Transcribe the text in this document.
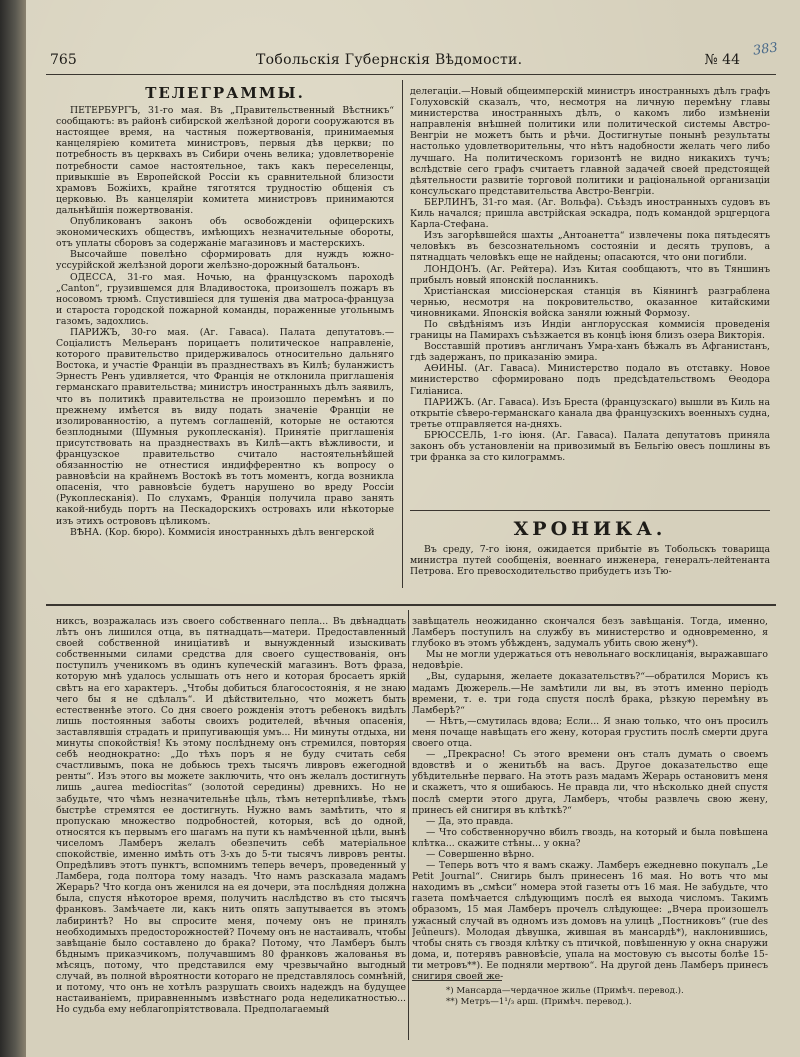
765	Тобольскія Губернскія Вѣдомости.	№ 44
383
ТЕЛЕГРАММЫ.

ПЕТЕРБУРГЪ, 31-го мая. Въ „Правительственный Вѣстникъ“ сообщаютъ: въ районѣ сибирской желѣзной дороги сооружаются въ настоящее время, на частныя пожертвованія, принимаемыя канцеляріею комитета министровъ, первыя дѣв церкви; по потребность въ церквахъ въ Сибири очень велика; удовлетвореніе потребности самое настоятельное, такъ какъ переселенцы, привыкшіе въ Европейской Россіи къ сравнительной близости храмовъ Божіихъ, крайне тяготятся трудностію общенія съ церковью. Въ канцеляріи комитета министровъ принимаются дальнѣйшія пожертвованія.

Опубликованъ законъ объ освобожденіи офицерскихъ экономическихъ обществъ, имѣющихъ незначительные обороты, отъ уплаты сборовъ за содержаніе магазиновъ и мастерскихъ.

Высочайше повелѣно сформировать для нуждъ южно-уссурійской желѣзной дороги желѣзно-дорожный батальонъ.

ОДЕССА, 31-го мая. Ночью, на французскомъ пароходѣ „Canton“, грузившемся для Владивостока, произошелъ пожаръ въ носовомъ трюмѣ. Спустившіеся для тушенія два матроса-француза и староста городской пожарной команды, пораженные угольнымъ газомъ, задохлись.

ПАРИЖЪ, 30-го мая. (Аг. Гаваса). Палата депутатовъ.—Соціалистъ Мельеранъ порицаетъ политическое направленіе, которого правительство придерживалось относительно дальняго Востока, и участіе Франціи въ празднествахъ въ Килѣ; буланжистъ Эрнестъ Ренъ удивляется, что Франція не отклонила приглашенія германскаго правительства; министръ иностранныхъ дѣлъ заявилъ, что въ политикѣ правительства не произошло перемѣнъ и по прежнему имѣется въ виду подать значеніе Франціи не изолированностію, а путемъ соглашеній, которые не остаются безплодными (Шумныя рукоплесканія). Принятіе приглашенія присутствовать на празднествахъ въ Килѣ—актъ вѣжливости, и французское правительство считало настоятельнѣйшей обязанностію не отнестися индифферентно къ вопросу о равновѣсіи на крайнемъ Востокѣ въ тотъ моментъ, когда возникла опасенія, что равновѣсіе будетъ нарушено во вреду Россіи (Рукоплесканія). По слухамъ, Франція получила право занять какой-нибудь портъ на Пескадорскихъ островахъ или нѣкоторые изъ этихъ острововъ цѣликомъ.

ВѢНА. (Кор. бюро). Коммисія иностранныхъ дѣлъ венгерской

делегаціи.—Новый общеимперскій министръ иностранныхъ дѣлъ графъ Голуховскій сказалъ, что, несмотря на личную перемѣну главы министерства иностранныхъ дѣлъ, о какомъ либо измѣненіи направленія внѣшней политики или политической системы Австро-Венгріи не можетъ быть и рѣчи. Достигнутые понынѣ результаты настолько удовлетворительны, что нѣтъ надобности желать чего либо лучшаго. На политическомъ горизонтѣ не видно никакихъ тучъ; вслѣдствіе сего графъ считаетъ главной задачей своей предстоящей дѣятельности развитіе торговой политики и раціональной организаціи консульскаго представительства Австро-Венгріи.

БЕРЛИНЪ, 31-го мая. (Аг. Вольфа). Съѣздъ иностранныхъ судовъ въ Киль начался; пришла австрійская эскадра, подъ командой эрцгерцога Карла-Стефана.

Изъ загорѣвшейся шахты „Антоанетта“ извлечены пока пятьдесятъ человѣкъ въ безсознательномъ состояніи и десять труповъ, а пятнадцать человѣкъ еще не найдены; опасаются, что они погибли.

ЛОНДОНЪ. (Аг. Рейтера). Изъ Китая сообщаютъ, что въ Тяншинъ прибылъ новый японскій посланникъ.

Христіанская миссіонерская станція въ Кіянингѣ разграблена чернью, несмотря на покровительство, оказанное китайскими чиновниками. Японскія войска заняли южный Формозу.

По свѣдѣніямъ изъ Индіи англорусская коммисія проведенія границы на Памирахъ съѣзжается въ концѣ іюня близъ озера Викторія.

Восставшій противъ англичанъ Умра-ханъ бѣжалъ въ Афганистанъ, гдѣ задержанъ, по приказанію эмира.

АѲИНЫ. (Аг. Гаваса). Министерство подало въ отставку. Новое министерство сформировано подъ предсѣдательствомъ Ѳеодора Гиліаниса.

ПАРИЖЪ. (Аг. Гаваса). Изъ Бреста (французскаго) вышли въ Киль на открытіе сѣверо-германскаго канала два французскихъ военныхъ судна, третье отправляется на-дняхъ.

БРЮССЕЛЬ, 1-го іюня. (Аг. Гаваса). Палата депутатовъ приняла законъ объ установленіи на привозимый въ Бельгію овесъ пошлины въ три франка за сто килограммъ.

ХРОНИКА.

Въ среду, 7-го іюня, ожидается прибытіе въ Тобольскъ товарища министра путей сообщенія, военнаго инженера, генералъ-лейтенанта Петрова. Его превосходительство прибудетъ изъ Тю-

никсъ, возражалась изъ своего собственнаго пепла... Въ двѣнадцать лѣтъ онъ лишился отца, въ пятнадцать—матери. Предоставленный своей собственной иниціативѣ и вынужденный изыскивать собственными силами средства для своего существованія, онъ поступилъ ученикомъ въ одинъ купеческій магазинъ. Вотъ фраза, которую мнѣ удалось услышать отъ него и которая бросаетъ яркій свѣтъ на его характеръ. „Чтобы добиться благосостоянія, я не знаю чего бы я не сдѣлалъ“. И дѣйствительно, что можетъ быть естественнѣе этого. Со дня своего рожденія этотъ ребенокъ видѣлъ лишь постоянныя заботы своихъ родителей, вѣчныя опасенія, заставлявшія страдать и припугивающія умъ... Ни минуты отдыха, ни минуты спокойствія! Къ этому послѣднему онъ стремился, повторяя себѣ неоднократно: „До тѣхъ поръ я не буду считать себя счастливымъ, пока не добьюсь трехъ тысячъ ливровъ ежегодной ренты“. Изъ этого вы можете заключить, что онъ желалъ достигнуть лишь „aurea mediocritas“ (золотой середины) древнихъ. Но не забудьте, что чѣмъ незначительнѣе цѣль, тѣмъ нетерпѣливѣе, тѣмъ быстрѣе стремятся ее достигнуть. Нужно вамъ замѣтить, что я пропускаю множество подробностей, которыя, всѣ до одной, относятся къ первымъ его шагамъ на пути къ намѣченной цѣли, вынѣ чиселомъ Ламберъ желалъ обезпечить себѣ матеріальное спокойствіе, именно имѣть отъ 3-хъ до 5-ти тысячъ ливровъ ренты. Опредѣливъ этотъ пунктъ, вспомнимъ теперь вечеръ, проведенный у Ламбера, года полтора тому назадъ. Что намъ разсказала мадамъ Жерарь? Что когда онъ женился на ея дочери, эта послѣдняя должна была, спустя нѣкоторое время, получить наслѣдство въ сто тысячъ франковъ. Замѣчаете ли, какъ нить опять запутывается въ этомъ лабиринтѣ? Но вы спросите меня, почему онъ не принялъ необходимыхъ предосторожностей? Почему онъ не настаивалъ, чтобы завѣщаніе было составлено до брака? Потому, что Ламберъ былъ бѣднымъ приказчикомъ, получавшимъ 80 франковъ жалованья въ мѣсяцъ, потому, что представился ему чрезвычайно выгодный случай, въ полной вѣроятности котораго не представлялось сомнѣній, и потому, что онъ не хотѣлъ разрушать своихъ надеждъ на будущее настаиваніемъ, приравненнымъ извѣстнаго рода неделикатностью... Но судьба ему неблагопріятствовала. Предполагаемый

завѣщатель неожиданно скончался безъ завѣщанія. Тогда, именно, Ламберъ поступилъ на службу въ министерство и одновременно, я глубоко въ этомъ убѣжденъ, задумалъ убить свою жену*).

Мы не могли удержаться отъ невольнаго восклицанія, выражавшаго недовѣріе.

„Вы, сударыня, желаете доказательствъ?“—обратился Морисъ къ мадамъ Дюжерель.—Не замѣтили ли вы, въ этотъ именно періодъ времени, т. е. три года спустя послѣ брака, рѣзкую перемѣну въ Ламберѣ?“

— Нѣтъ,—смутилась вдова; Если... Я знаю только, что онъ просилъ меня почаще навѣщать его жену, которая грустить послѣ смерти друга своего отца.

— „Прекрасно! Съ этого времени онъ сталъ думать о своемъ вдовствѣ и о женитьбѣ на васъ. Другое доказательство еще убѣдительнѣе перваго. На этотъ разъ мадамъ Жерарь остановитъ меня и скажетъ, что я ошибаюсь. Не правда ли, что нѣсколько дней спустя послѣ смерти этого друга, Ламберъ, чтобы развлечь свою жену, принесъ ей снигиря въ клѣткѣ?“

— Да, это правда.

— Что собственноручно вбилъ гвоздь, на который и была повѣшена клѣтка... скажите стѣны... у окна?

— Совершенно вѣрно.

— Теперь вотъ что я вамъ скажу. Ламберъ ежедневно покупалъ „Le Petit Journal“. Снигирь былъ принесенъ 16 мая. Но вотъ что мы находимъ въ „смѣси“ номера этой газеты отъ 16 мая. Не забудьте, что газета помѣчается слѣдующимъ послѣ ея выхода числомъ. Такимъ образомъ, 15 мая Ламберъ прочелъ слѣдующее: „Вчера произошелъ ужасный случай въ одномъ изъ домовъ на улицѣ „Постниковъ“ (rue des Jeûneurs). Молодая дѣвушка, жившая въ мансардѣ*), наклонившись, чтобы снять съ гвоздя клѣтку съ птичкой, повѣшенную у окна снаружи дома, и, потерявъ равновѣсіе, упала на мостовую съ высоты болѣе 15-ти метровъ**). Ее подняли мертвою“. На другой день Ламберъ принесъ снигиря своей же-

*) Мансарда—чердачное жилье (Примѣч. перевод.).
**) Метръ—1¹/₃ арш. (Примѣч. перевод.).
